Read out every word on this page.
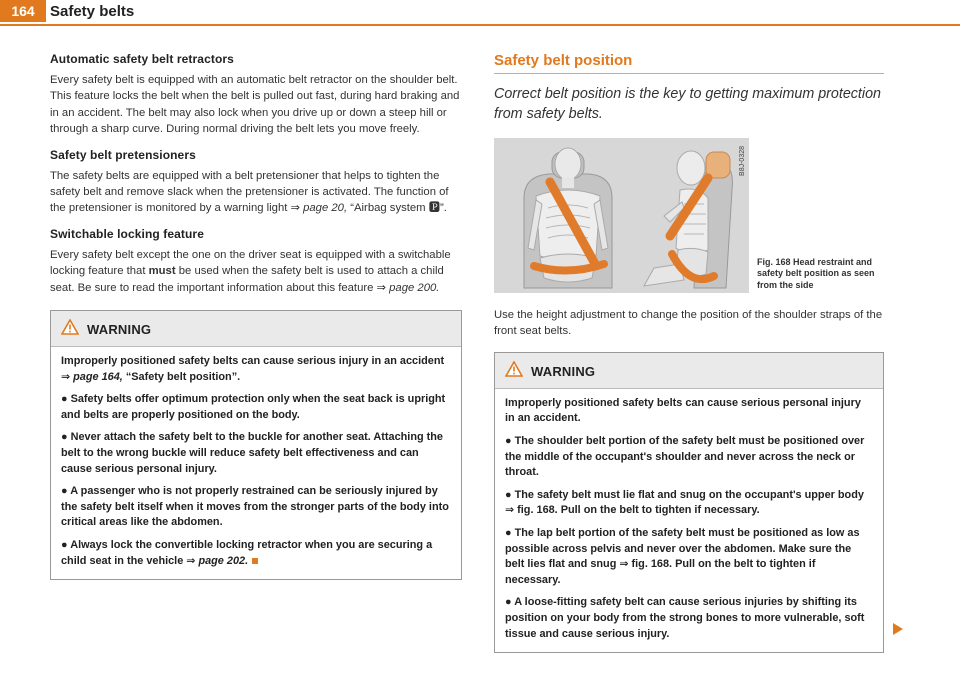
164	Safety belts
Automatic safety belt retractors

Every safety belt is equipped with an automatic belt retractor on the shoulder belt. This feature locks the belt when the belt is pulled out fast, during hard braking and in an accident. The belt may also lock when you drive up or down a steep hill or through a sharp curve. During normal driving the belt lets you move freely.

Safety belt pretensioners

The safety belts are equipped with a belt pretensioner that helps to tighten the safety belt and remove slack when the pretensioner is activated. The function of the pretensioner is monitored by a warning light ⇒ page 20, “Airbag system 🅿”.

Switchable locking feature

Every safety belt except the one on the driver seat is equipped with a switchable locking feature that must be used when the safety belt is used to attach a child seat. Be sure to read the important information about this feature ⇒ page 200.

WARNING

Improperly positioned safety belts can cause serious injury in an accident ⇒ page 164, “Safety belt position”.

● Safety belts offer optimum protection only when the seat back is upright and belts are properly positioned on the body.

● Never attach the safety belt to the buckle for another seat. Attaching the belt to the wrong buckle will reduce safety belt effectiveness and can cause serious personal injury.

● A passenger who is not properly restrained can be seriously injured by the safety belt itself when it moves from the stronger parts of the body into critical areas like the abdomen.

● Always lock the convertible locking retractor when you are securing a child seat in the vehicle ⇒ page 202.

Safety belt position

Correct belt position is the key to getting maximum protection from safety belts.

B8J-0328
Fig. 168 Head restraint and safety belt position as seen from the side

Use the height adjustment to change the position of the shoulder straps of the front seat belts.

WARNING

Improperly positioned safety belts can cause serious personal injury in an accident.

● The shoulder belt portion of the safety belt must be positioned over the middle of the occupant's shoulder and never across the neck or throat.

● The safety belt must lie flat and snug on the occupant's upper body ⇒ fig. 168. Pull on the belt to tighten if necessary.

● The lap belt portion of the safety belt must be positioned as low as possible across pelvis and never over the abdomen. Make sure the belt lies flat and snug ⇒ fig. 168. Pull on the belt to tighten if necessary.

● A loose-fitting safety belt can cause serious injuries by shifting its position on your body from the strong bones to more vulnerable, soft tissue and cause serious injury.
